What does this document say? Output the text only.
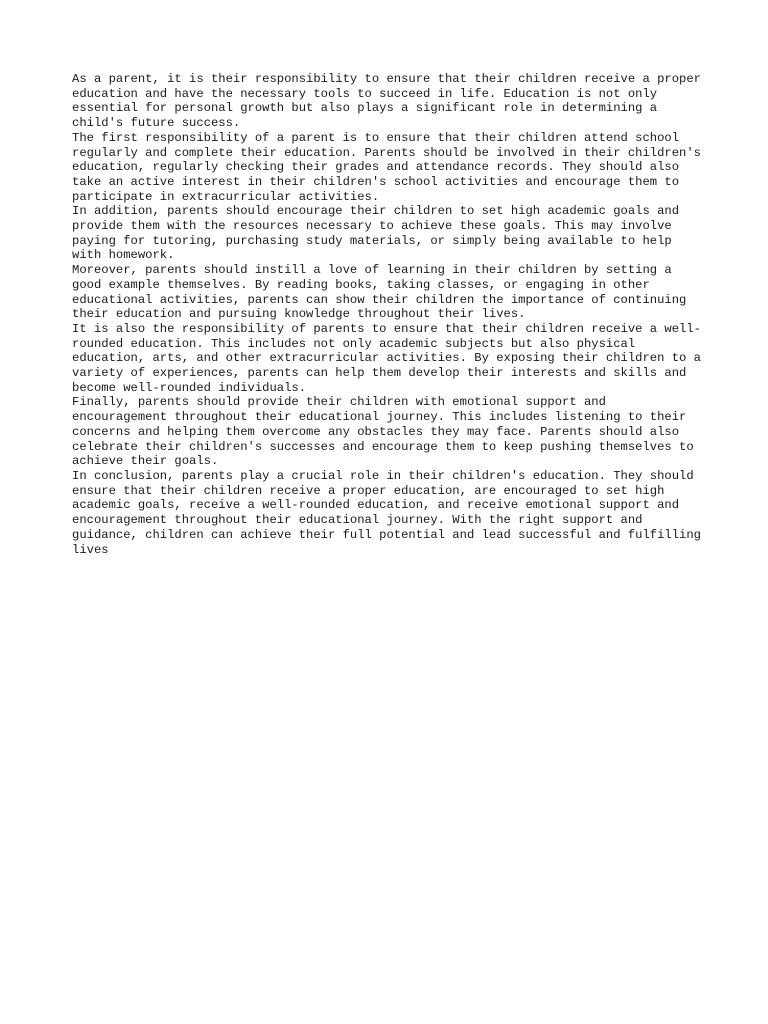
As a parent, it is their responsibility to ensure that their children receive a proper education and have the necessary tools to succeed in life. Education is not only essential for personal growth but also plays a significant role in determining a child's future success.

The first responsibility of a parent is to ensure that their children attend school regularly and complete their education. Parents should be involved in their children's education, regularly checking their grades and attendance records. They should also take an active interest in their children's school activities and encourage them to participate in extracurricular activities.

In addition, parents should encourage their children to set high academic goals and provide them with the resources necessary to achieve these goals. This may involve paying for tutoring, purchasing study materials, or simply being available to help with homework.

Moreover, parents should instill a love of learning in their children by setting a good example themselves. By reading books, taking classes, or engaging in other educational activities, parents can show their children the importance of continuing their education and pursuing knowledge throughout their lives.

It is also the responsibility of parents to ensure that their children receive a well-rounded education. This includes not only academic subjects but also physical education, arts, and other extracurricular activities. By exposing their children to a variety of experiences, parents can help them develop their interests and skills and become well-rounded individuals.

Finally, parents should provide their children with emotional support and encouragement throughout their educational journey. This includes listening to their concerns and helping them overcome any obstacles they may face. Parents should also celebrate their children's successes and encourage them to keep pushing themselves to achieve their goals.

In conclusion, parents play a crucial role in their children's education. They should ensure that their children receive a proper education, are encouraged to set high academic goals, receive a well-rounded education, and receive emotional support and encouragement throughout their educational journey. With the right support and guidance, children can achieve their full potential and lead successful and fulfilling lives
